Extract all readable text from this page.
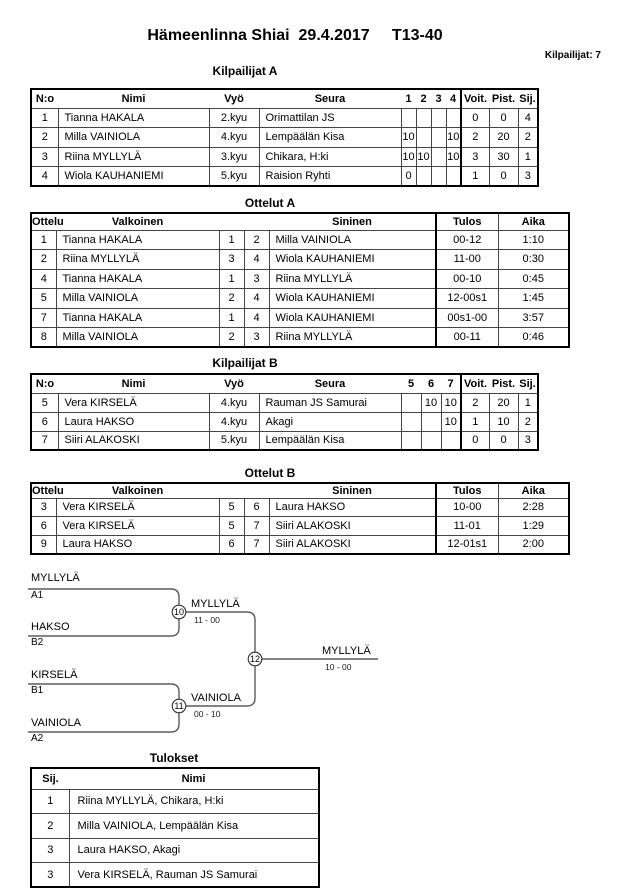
Hämeenlinna Shiai  29.4.2017     T13-40
Kilpailijat: 7
Kilpailijat A
N:o	Nimi	Vyö	Seura	1	2	3	4	Voit.	Pist.	Sij.
1	Tianna HAKALA	2.kyu	Orimattilan JS					0	0	4
2	Milla VAINIOLA	4.kyu	Lempäälän Kisa	10			10	2	20	2
3	Riina MYLLYLÄ	3.kyu	Chikara, H:ki	10	10		10	3	30	1
4	Wiola KAUHANIEMI	5.kyu	Raision Ryhti	0				1	0	3
Ottelut A
Ottelu	Valkoinen			Sininen	Tulos	Aika
1	Tianna HAKALA	1	2	Milla VAINIOLA	00-12	1:10
2	Riina MYLLYLÄ	3	4	Wiola KAUHANIEMI	11-00	0:30
4	Tianna HAKALA	1	3	Riina MYLLYLÄ	00-10	0:45
5	Milla VAINIOLA	2	4	Wiola KAUHANIEMI	12-00s1	1:45
7	Tianna HAKALA	1	4	Wiola KAUHANIEMI	00s1-00	3:57
8	Milla VAINIOLA	2	3	Riina MYLLYLÄ	00-11	0:46
Kilpailijat B
N:o	Nimi	Vyö	Seura	5	6	7	Voit.	Pist.	Sij.
5	Vera KIRSELÄ	4.kyu	Rauman JS Samurai		10	10	2	20	1
6	Laura HAKSO	4.kyu	Akagi			10	1	10	2
7	Siiri ALAKOSKI	5.kyu	Lempäälän Kisa				0	0	3
Ottelut B
Ottelu	Valkoinen			Sininen	Tulos	Aika
3	Vera KIRSELÄ	5	6	Laura HAKSO	10-00	2:28
6	Vera KIRSELÄ	5	7	Siiri ALAKOSKI	11-01	1:29
9	Laura HAKSO	6	7	Siiri ALAKOSKI	12-01s1	2:00
MYLLYLÄ
A1
HAKSO
B2
KIRSELÄ
B1
VAINIOLA
A2
10
MYLLYLÄ
11 - 00
11
VAINIOLA
00 - 10
12
MYLLYLÄ
10 - 00
Tulokset
Sij.	Nimi
1	Riina MYLLYLÄ, Chikara, H:ki
2	Milla VAINIOLA, Lempäälän Kisa
3	Laura HAKSO, Akagi
3	Vera KIRSELÄ, Rauman JS Samurai
